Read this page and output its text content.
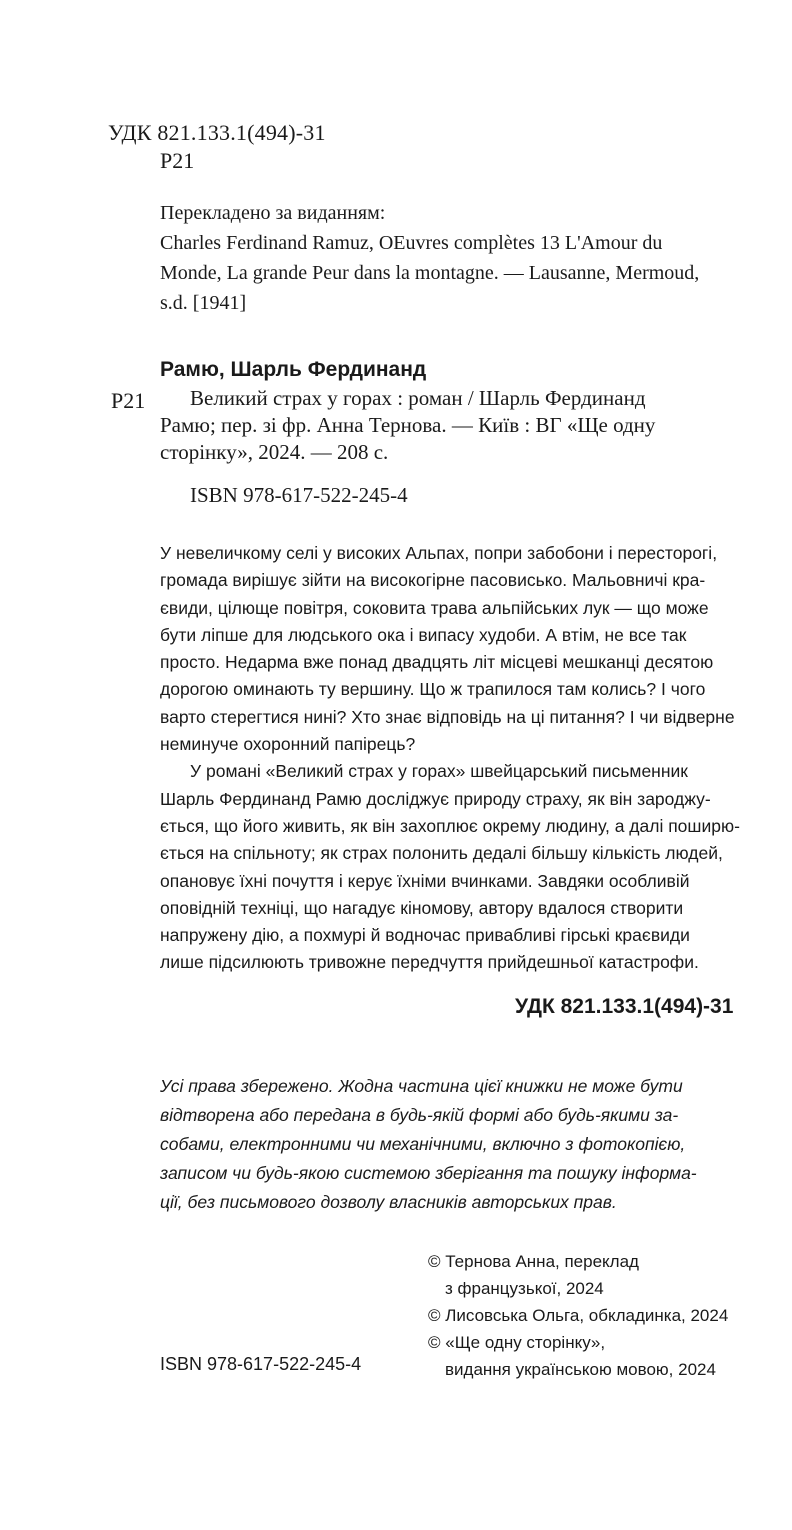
УДК 821.133.1(494)-31
Р21
Перекладено за виданням:
Charles Ferdinand Ramuz, OEuvres complètes 13 L'Amour du
Monde, La grande Peur dans la montagne. — Lausanne, Mermoud,
s.d. [1941]
Рамю, Шарль Фердинанд
Р21	Великий страх у горах : роман / Шарль Фердинанд
Рамю; пер. зі фр. Анна Тернова. — Київ : ВГ «Ще одну
сторінку», 2024. — 208 с.
ISBN 978-617-522-245-4
У невеличкому селі у високих Альпах, попри забобони і пересторогі,
громада вирішує зійти на високогірне пасовисько. Мальовничі кра-
євиди, цілюще повітря, соковита трава альпійських лук — що може
бути ліпше для людського ока і випасу худоби. А втім, не все так
просто. Недарма вже понад двадцять літ місцеві мешканці десятою
дорогою оминають ту вершину. Що ж трапилося там колись? І чого
варто стерегтися нині? Хто знає відповідь на ці питання? І чи відверне
неминуче охоронний папірець?
У романі «Великий страх у горах» швейцарський письменник
Шарль Фердинанд Рамю досліджує природу страху, як він зароджу-
ється, що його живить, як він захоплює окрему людину, а далі поширю-
ється на спільноту; як страх полонить дедалі більшу кількість людей,
опановує їхні почуття і керує їхніми вчинками. Завдяки особливій
оповідній техніці, що нагадує кіномову, автору вдалося створити
напружену дію, а похмурі й водночас привабливі гірські краєвиди
лише підсилюють тривожне передчуття прийдешньої катастрофи.
УДК 821.133.1(494)-31
Усі права збережено. Жодна частина цієї книжки не може бути
відтворена або передана в будь-якій формі або будь-якими за-
собами, електронними чи механічними, включно з фотокопією,
записом чи будь-якою системою зберігання та пошуку інформа-
ції, без письмового дозволу власників авторських прав.
© Тернова Анна, переклад
з французької, 2024
© Лисовська Ольга, обкладинка, 2024
© «Ще одну сторінку»,
видання українською мовою, 2024
ISBN 978-617-522-245-4
